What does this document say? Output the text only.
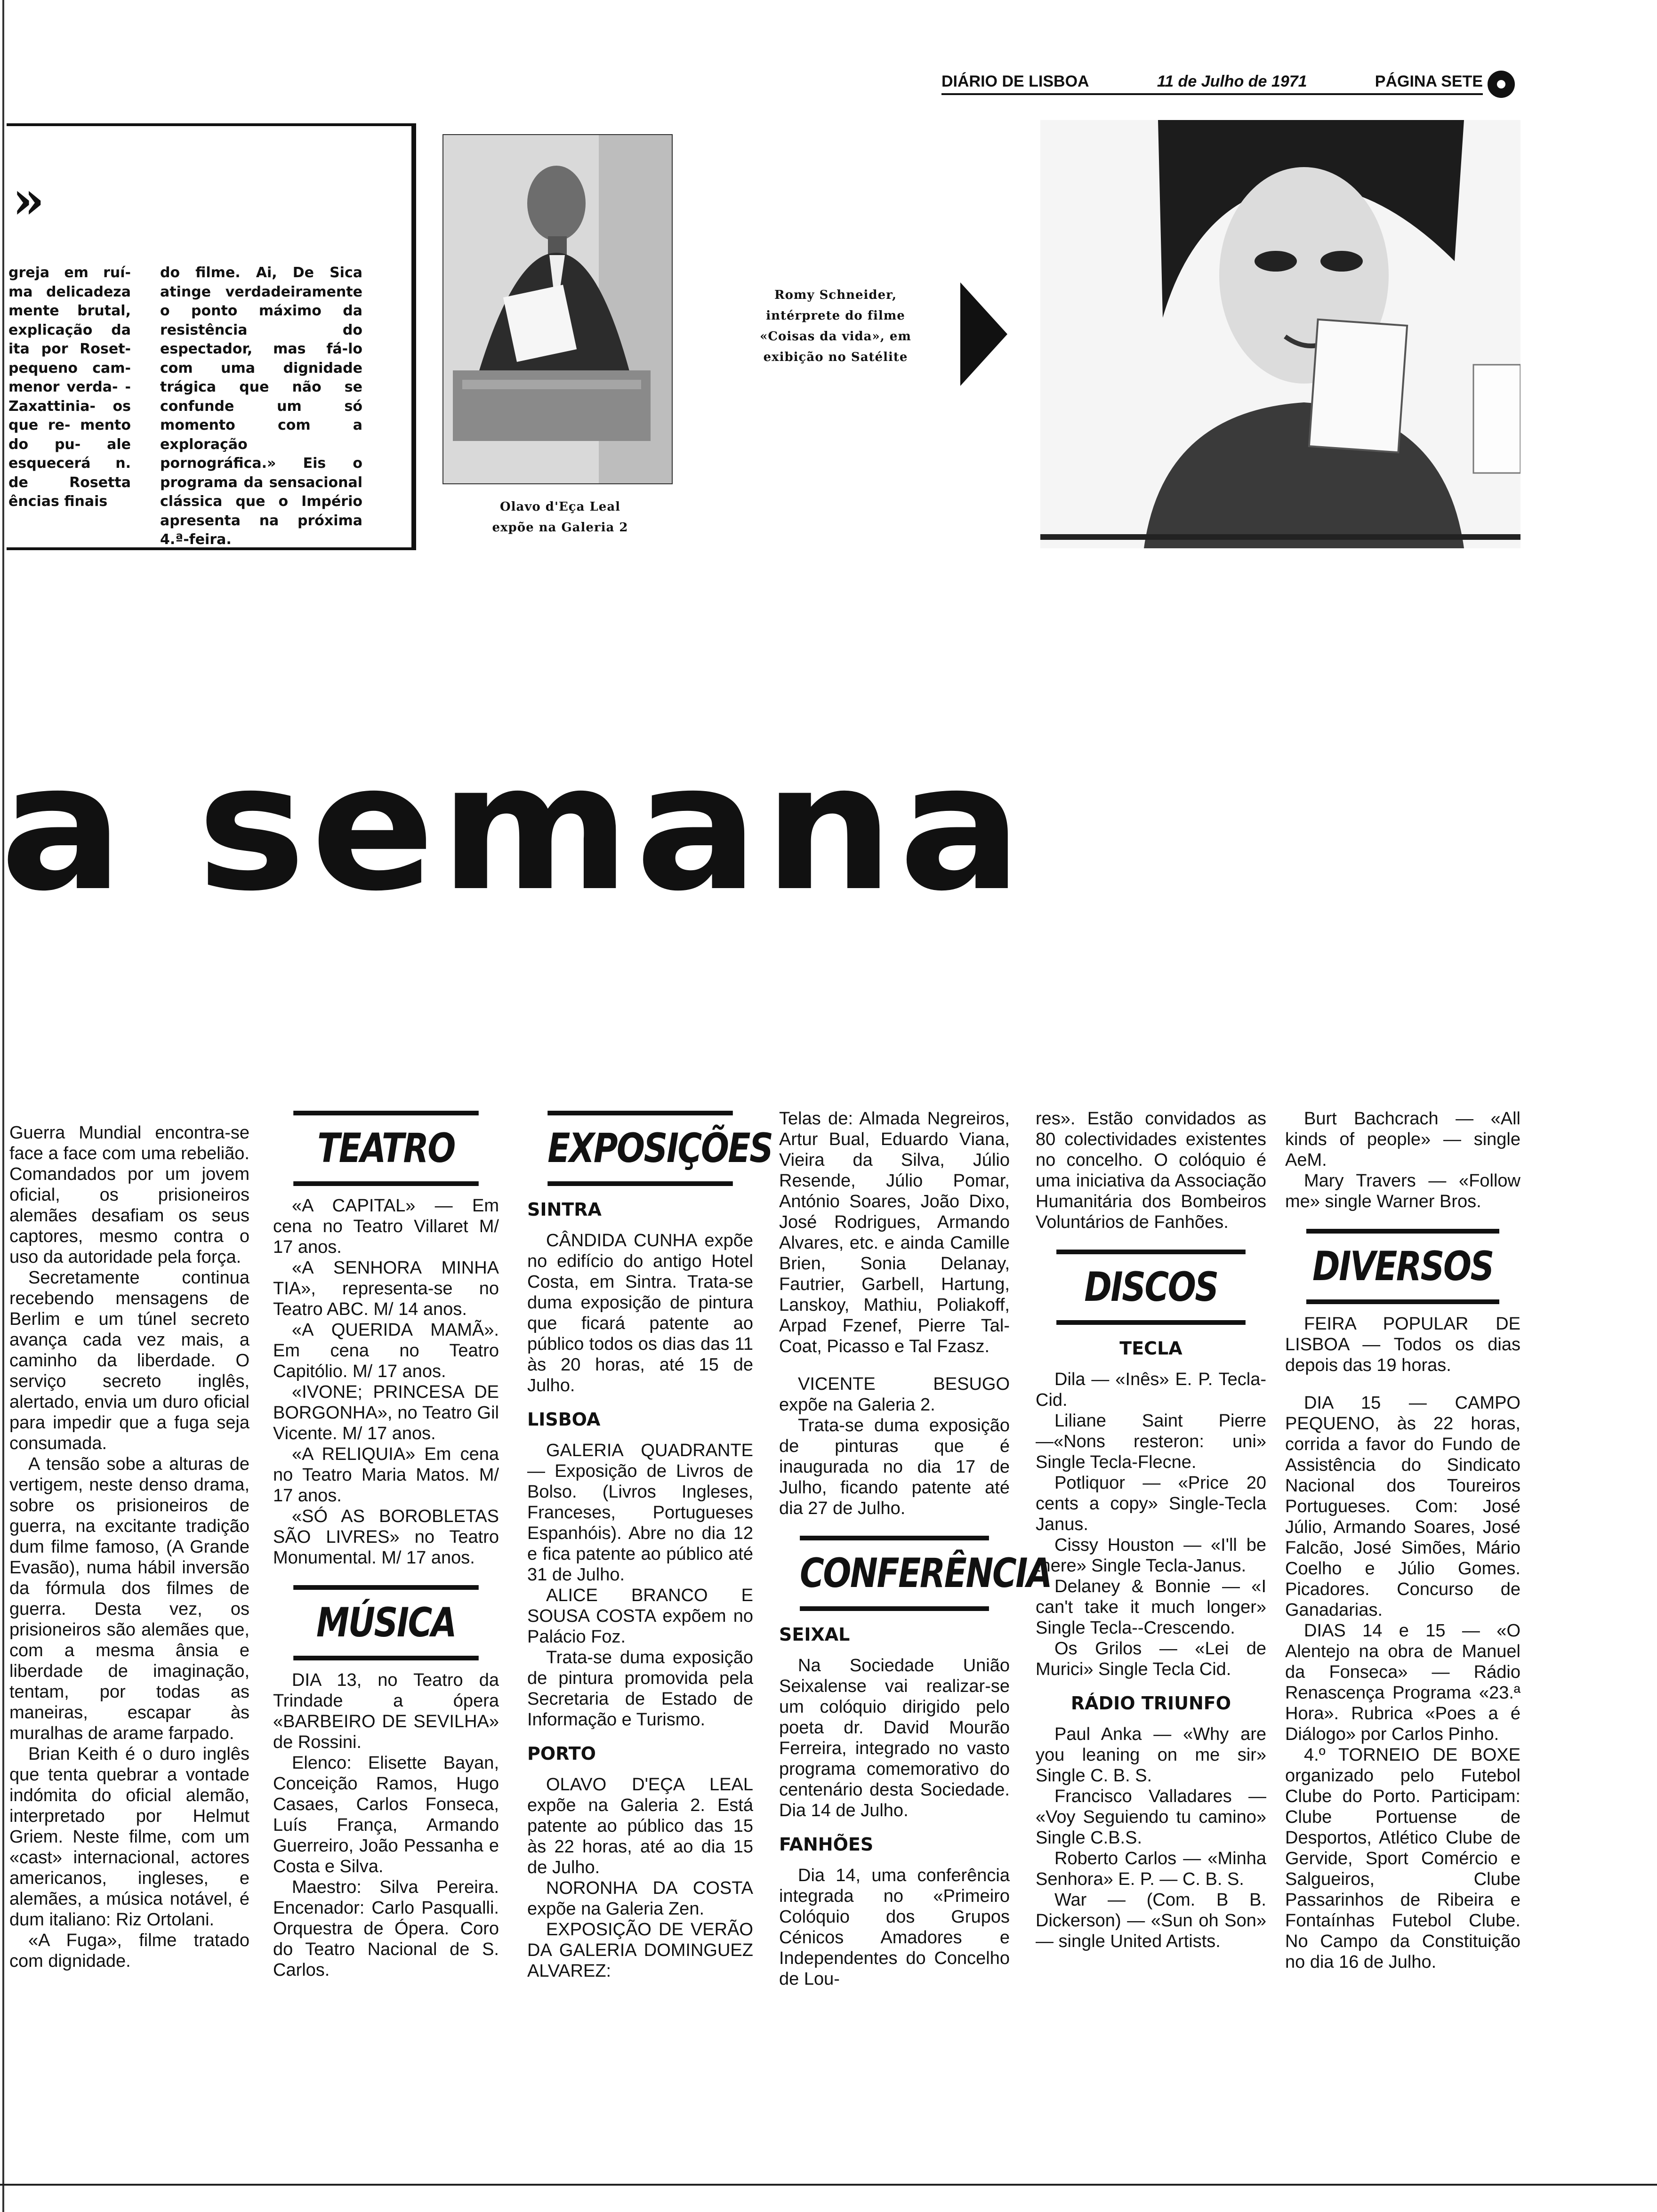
DIÁRIO DE LISBOA	11 de Julho de 1971	PÁGINA SETE
»
greja em ruí-ma delicadeza mente brutal, explicação da ita por Roset- pequeno cam- menor verda- -Zaxattinia- os que re- mento do pu- ale esquecerá n. de Rosetta ências finais
do filme. Ai, De Sica atinge verdadeiramente o ponto máximo da resistência do espectador, mas fá-lo com uma dignidade trágica que não se confunde um só momento com a exploração pornográfica.» Eis o programa da sensacional clássica que o Império apresenta na próxima 4.ª-feira.
Olavo d'Eça Leal
expõe na Galeria 2
Romy Schneider, intérprete do filme «Coisas da vida», em exibição no Satélite
a semana

Guerra Mundial encontra-se face a face com uma rebelião. Comandados por um jovem oficial, os prisioneiros alemães desafiam os seus captores, mesmo contra o uso da autoridade pela força.

Secretamente continua recebendo mensagens de Berlim e um túnel secreto avança cada vez mais, a caminho da liberdade. O serviço secreto inglês, alertado, envia um duro oficial para impedir que a fuga seja consumada.

A tensão sobe a alturas de vertigem, neste denso drama, sobre os prisioneiros de guerra, na excitante tradição dum filme famoso, (A Grande Evasão), numa hábil inversão da fórmula dos filmes de guerra. Desta vez, os prisioneiros são alemães que, com a mesma ânsia e liberdade de imaginação, tentam, por todas as maneiras, escapar às muralhas de arame farpado.

Brian Keith é o duro inglês que tenta quebrar a vontade indómita do oficial alemão, interpretado por Helmut Griem. Neste filme, com um «cast» internacional, actores americanos, ingleses, e alemães, a música notável, é dum italiano: Riz Ortolani.

«A Fuga», filme tratado com dignidade.

TEATRO

«A CAPITAL» — Em cena no Teatro Villaret M/ 17 anos.

«A SENHORA MINHA TIA», representa-se no Teatro ABC. M/ 14 anos.

«A QUERIDA MAMÃ». Em cena no Teatro Capitólio. M/ 17 anos.

«IVONE; PRINCESA DE BORGONHA», no Teatro Gil Vicente. M/ 17 anos.

«A RELIQUIA» Em cena no Teatro Maria Matos. M/ 17 anos.

«SÓ AS BOROBLETAS SÃO LIVRES» no Teatro Monumental. M/ 17 anos.

MÚSICA

DIA 13, no Teatro da Trindade a ópera «BARBEIRO DE SEVILHA» de Rossini.

Elenco: Elisette Bayan, Conceição Ramos, Hugo Casaes, Carlos Fonseca, Luís França, Armando Guerreiro, João Pessanha e Costa e Silva.

Maestro: Silva Pereira. Encenador: Carlo Pasqualli. Orquestra de Ópera. Coro do Teatro Nacional de S. Carlos.

EXPOSIÇÕES
SINTRA

CÂNDIDA CUNHA expõe no edifício do antigo Hotel Costa, em Sintra. Trata-se duma exposição de pintura que ficará patente ao público todos os dias das 11 às 20 horas, até 15 de Julho.

LISBOA

GALERIA QUADRANTE — Exposição de Livros de Bolso. (Livros Ingleses, Franceses, Portugueses Espanhóis). Abre no dia 12 e fica patente ao público até 31 de Julho.

ALICE BRANCO E SOUSA COSTA expõem no Palácio Foz.

Trata-se duma exposição de pintura promovida pela Secretaria de Estado de Informação e Turismo.

PORTO

OLAVO D'EÇA LEAL expõe na Galeria 2. Está patente ao público das 15 às 22 horas, até ao dia 15 de Julho.

NORONHA DA COSTA expõe na Galeria Zen.

EXPOSIÇÃO DE VERÃO DA GALERIA DOMINGUEZ ALVAREZ:

Telas de: Almada Negreiros, Artur Bual, Eduardo Viana, Vieira da Silva, Júlio Resende, Júlio Pomar, António Soares, João Dixo, José Rodrigues, Armando Alvares, etc. e ainda Camille Brien, Sonia Delanay, Fautrier, Garbell, Hartung, Lanskoy, Mathiu, Poliakoff, Arpad Fzenef, Pierre Tal-Coat, Picasso e Tal Fzasz.

VICENTE BESUGO expõe na Galeria 2.

Trata-se duma exposição de pinturas que é inaugurada no dia 17 de Julho, ficando patente até dia 27 de Julho.

CONFERÊNCIA
SEIXAL

Na Sociedade União Seixalense vai realizar-se um colóquio dirigido pelo poeta dr. David Mourão Ferreira, integrado no vasto programa comemorativo do centenário desta Sociedade. Dia 14 de Julho.

FANHÕES

Dia 14, uma conferência integrada no «Primeiro Colóquio dos Grupos Cénicos Amadores e Independentes do Concelho de Lou-

res». Estão convidados as 80 colectividades existentes no concelho. O colóquio é uma iniciativa da Associação Humanitária dos Bombeiros Voluntários de Fanhões.

DISCOS
TECLA

Dila — «Inês» E. P. Tecla-Cid.

Liliane Saint Pierre —«Nons resteron: uni» Single Tecla-Flecne.

Potliquor — «Price 20 cents a copy» Single-Tecla Janus.

Cissy Houston — «I'll be there» Single Tecla-Janus.

Delaney & Bonnie — «I can't take it much longer» Single Tecla--Crescendo.

Os Grilos — «Lei de Murici» Single Tecla Cid.

RÁDIO TRIUNFO

Paul Anka — «Why are you leaning on me sir» Single C. B. S.

Francisco Valladares — «Voy Seguiendo tu camino» Single C.B.S.

Roberto Carlos — «Minha Senhora» E. P. — C. B. S.

War — (Com. B B. Dickerson) — «Sun oh Son» — single United Artists.

Burt Bachcrach — «All kinds of people» — single AeM.

Mary Travers — «Follow me» single Warner Bros.

DIVERSOS

FEIRA POPULAR DE LISBOA — Todos os dias depois das 19 horas.

DIA 15 — CAMPO PEQUENO, às 22 horas, corrida a favor do Fundo de Assistência do Sindicato Nacional dos Toureiros Portugueses. Com: José Júlio, Armando Soares, José Falcão, José Simões, Mário Coelho e Júlio Gomes. Picadores. Concurso de Ganadarias.

DIAS 14 e 15 — «O Alentejo na obra de Manuel da Fonseca» — Rádio Renascença Programa «23.ª Hora». Rubrica «Poes a é Diálogo» por Carlos Pinho.

4.º TORNEIO DE BOXE organizado pelo Futebol Clube do Porto. Participam: Clube Portuense de Desportos, Atlético Clube de Gervide, Sport Comércio e Salgueiros, Clube Passarinhos de Ribeira e Fontaínhas Futebol Clube. No Campo da Constituição no dia 16 de Julho.
